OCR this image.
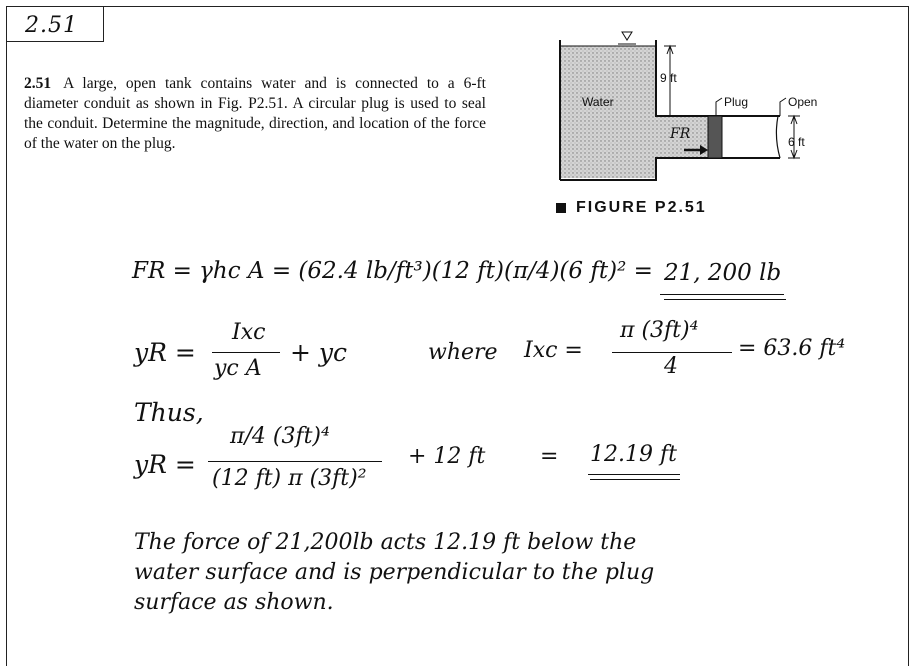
2.51
2.51 A large, open tank contains water and is connected to a 6-ft diameter conduit as shown in Fig. P2.51. A circular plug is used to seal the conduit. Determine the magnitude, direction, and location of the force of the water on the plug.
9 ft
Water	Plug	Open
6 ft
FR
FIGURE P2.51
FR = γhc A = (62.4 lb/ft³)(12 ft)(π/4)(6 ft)² = 21, 200 lb
yR =
Ixc
yc A
+ yc	where Ixc =
π (3ft)⁴
4
= 63.6 ft⁴
Thus,
yR =
π/4 (3ft)⁴
(12 ft) π (3ft)²
+ 12 ft = 12.19 ft
The force of 21,200lb acts 12.19 ft below the
water surface and is perpendicular to the plug
surface as shown.
